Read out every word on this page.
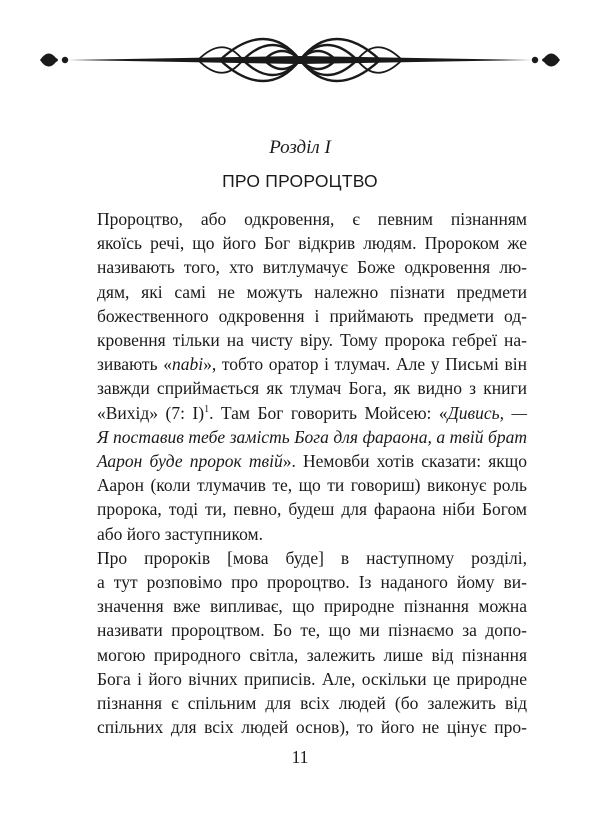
Розділ І
ПРО ПРОРОЦТВО

Пророцтво, або одкровення, є певним пізнанням
якоїсь речі, що його Бог відкрив людям. Пророком же
називають того, хто витлумачує Боже одкровення лю-
дям, які самі не можуть належно пізнати предмети
божественного одкровення і приймають предмети од-
кровення тільки на чисту віру. Тому пророка гебреї на-
зивають «nabi», тобто оратор і тлумач. Але у Письмі він
завжди сприймається як тлумач Бога, як видно з книги
«Вихід» (7: І)$^1$. Там Бог говорить Мойсею: «Дивись, —
Я поставив тебе замість Бога для фараона, а твій брат
Аарон буде пророк твій». Немовби хотів сказати: якщо
Аарон (коли тлумачив те, що ти говориш) виконує роль
пророка, тоді ти, певно, будеш для фараона ніби Богом
або його заступником.

Про пророків [мова буде] в наступному розділі,
а тут розповімо про пророцтво. Із наданого йому ви-
значення вже випливає, що природне пізнання можна
називати пророцтвом. Бо те, що ми пізнаємо за допо-
могою природного світла, залежить лише від пізнання
Бога і його вічних приписів. Але, оскільки це природне
пізнання є спільним для всіх людей (бо залежить від
спільних для всіх людей основ), то його не цінує про-

11
